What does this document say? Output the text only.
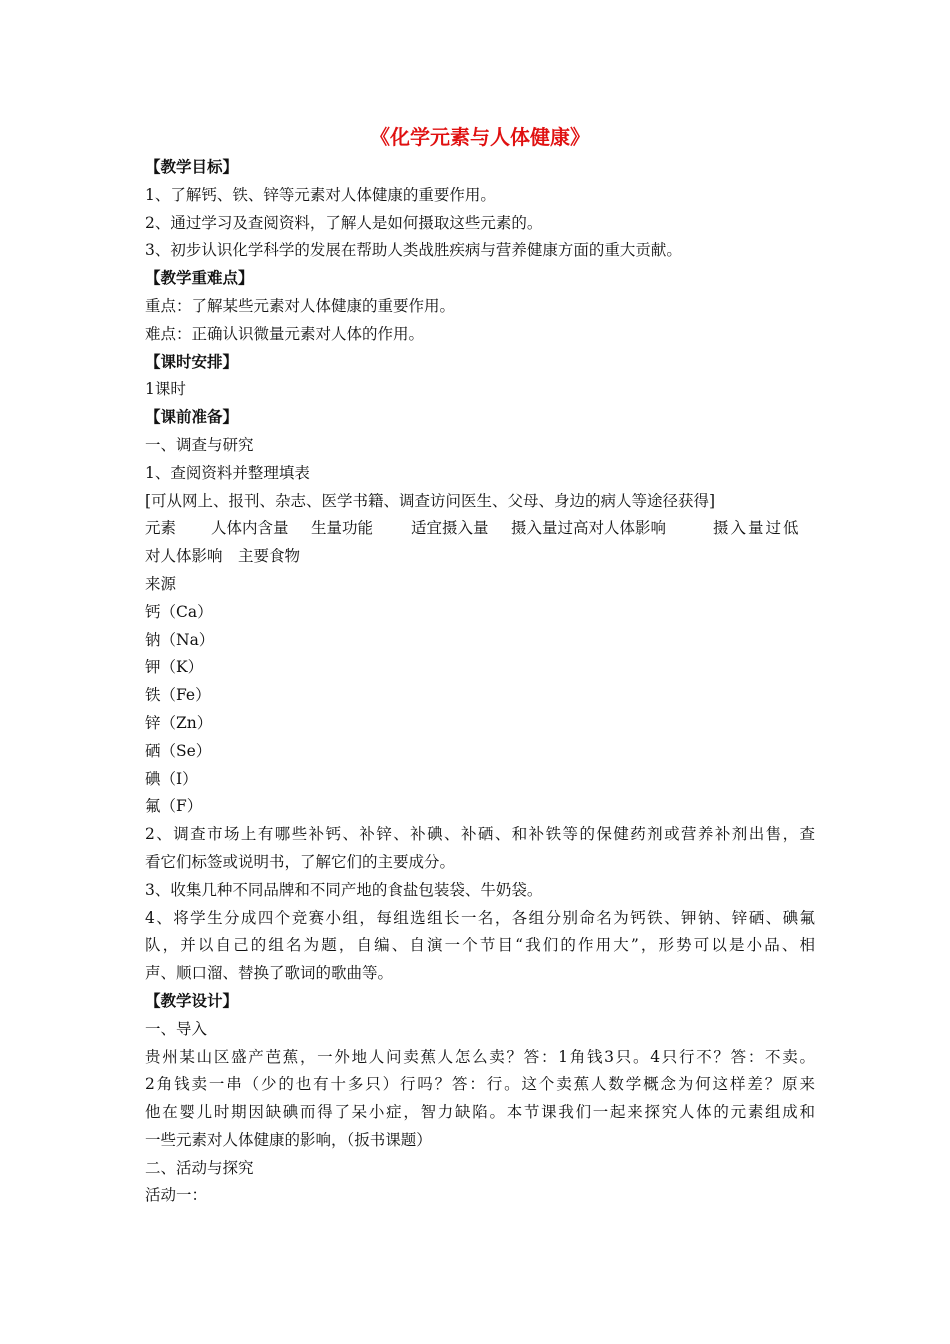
《化学元素与人体健康》
【教学目标】
1、了解钙、铁、锌等元素对人体健康的重要作用。
2、通过学习及查阅资料，了解人是如何摄取这些元素的。
3、初步认识化学科学的发展在帮助人类战胜疾病与营养健康方面的重大贡献。
【教学重难点】
重点：了解某些元素对人体健康的重要作用。
难点：正确认识微量元素对人体的作用。
【课时安排】
1课时
【课前准备】
一、调查与研究
1、查阅资料并整理填表
[可从网上、报刊、杂志、医学书籍、调查访问医生、父母、身边的病人等途径获得]
元素	人体内含量	生量功能	适宜摄入量	摄入量过高对人体影响	摄入量过低
对人体影响　主要食物
来源
钙（Ca）
钠（Na）
钾（K）
铁（Fe）
锌（Zn）
硒（Se）
碘（I）
氟（F）
2、调查市场上有哪些补钙、补锌、补碘、补硒、和补铁等的保健药剂或营养补剂出售，查
看它们标签或说明书，了解它们的主要成分。
3、收集几种不同品牌和不同产地的食盐包装袋、牛奶袋。
4、将学生分成四个竞赛小组，每组选组长一名，各组分别命名为钙铁、钾钠、锌硒、碘氟
队，并以自己的组名为题，自编、自演一个节目“我们的作用大”，形势可以是小品、相
声、顺口溜、替换了歌词的歌曲等。
【教学设计】
一、导入
贵州某山区盛产芭蕉，一外地人问卖蕉人怎么卖？答：1角钱3只。4只行不？答：不卖。
2角钱卖一串（少的也有十多只）行吗？答：行。这个卖蕉人数学概念为何这样差？原来
他在婴儿时期因缺碘而得了呆小症，智力缺陷。本节课我们一起来探究人体的元素组成和
一些元素对人体健康的影响，（扳书课题）
二、活动与探究
活动一：
